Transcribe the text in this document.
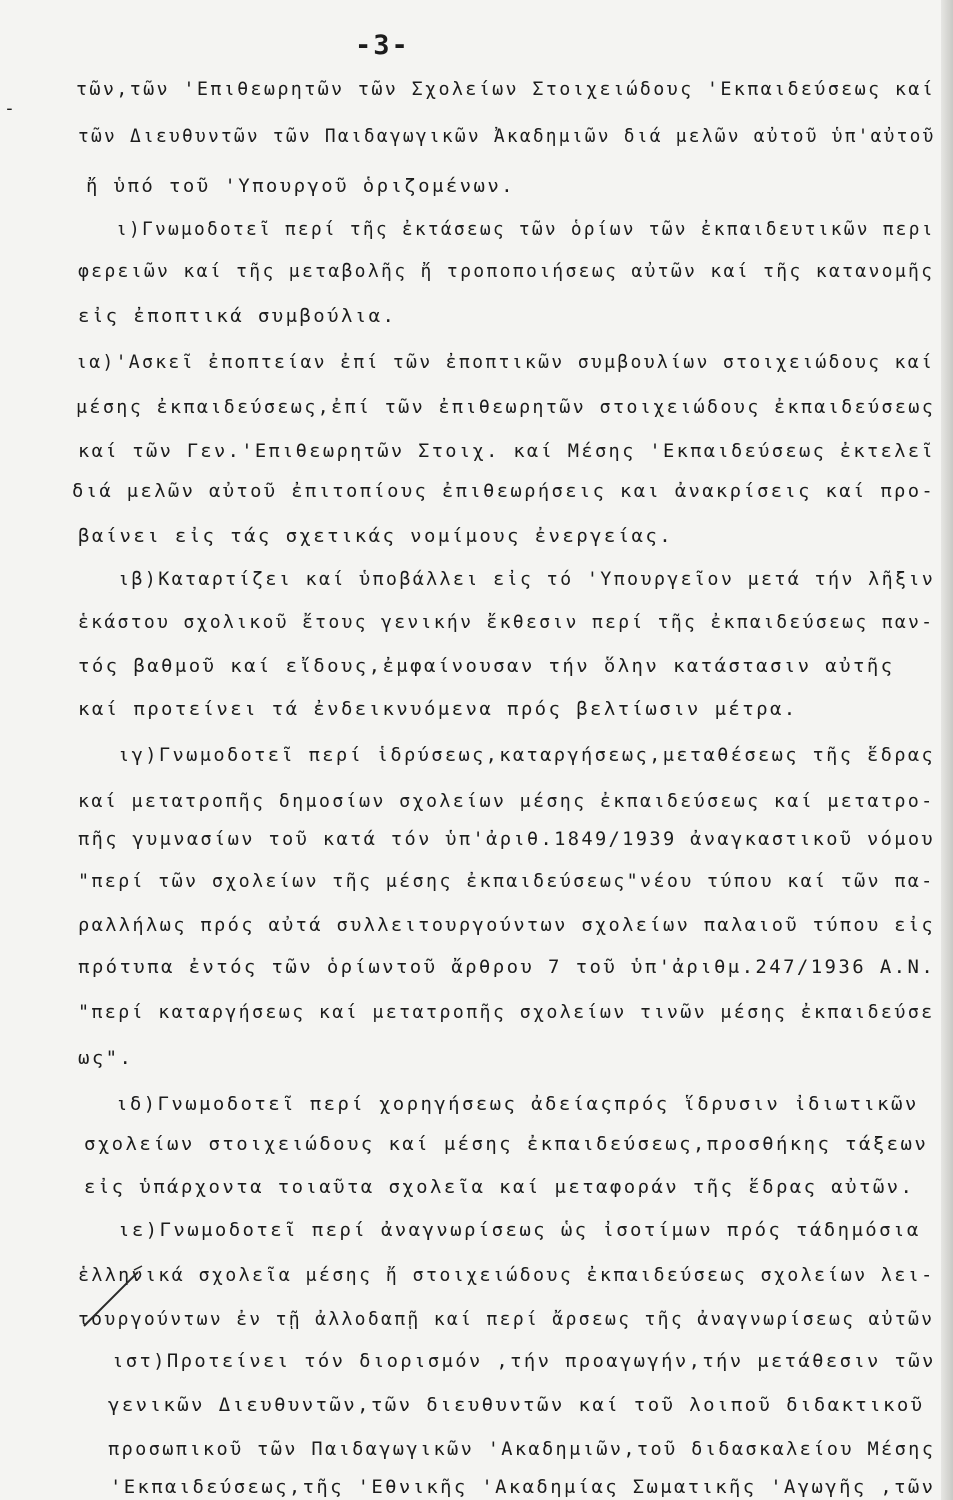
-3-
-
τῶν,τῶν 'Επιθεωρητῶν τῶν Σχολείων Στοιχειώδους 'Εκπαιδεύσεως καί
τῶν Διευθυντῶν τῶν Παιδαγωγικῶν Ἀκαδημιῶν διά μελῶν αὐτοῦ ὑπ'αὐτοῦ
ἤ ὑπό τοῦ 'Υπουργοῦ ὁριζομένων.
ι)Γνωμοδοτεῖ περί τῆς ἐκτάσεως τῶν ὁρίων τῶν ἐκπαιδευτικῶν περι
φερειῶν καί τῆς μεταβολῆς ἤ τροποποιήσεως αὐτῶν καί τῆς κατανομῆς
εἰς ἐποπτικά συμβούλια.
ια)'Ασκεῖ ἐποπτείαν ἐπί τῶν ἐποπτικῶν συμβουλίων στοιχειώδους καί
μέσης ἐκπαιδεύσεως,ἐπί τῶν ἐπιθεωρητῶν στοιχειώδους ἐκπαιδεύσεως
καί τῶν Γεν.'Επιθεωρητῶν Στοιχ. καί Μέσης 'Εκπαιδεύσεως ἐκτελεῖ
διά μελῶν αὐτοῦ ἐπιτοπίους ἐπιθεωρήσεις και ἀνακρίσεις καί προ-
βαίνει εἰς τάς σχετικάς νομίμους ἐνεργείας.
ιβ)Καταρτίζει καί ὑποβάλλει εἰς τό 'Υπουργεῖον μετά τήν λῆξιν
ἑκάστου σχολικοῦ ἔτους γενικήν ἔκθεσιν περί τῆς ἐκπαιδεύσεως παν-
τός βαθμοῦ καί εἴδους,ἐμφαίνουσαν τήν ὅλην κατάστασιν αὐτῆς
καί προτείνει τά ἐνδεικνυόμενα πρός βελτίωσιν μέτρα.
ιγ)Γνωμοδοτεῖ περί ἱδρύσεως,καταργήσεως,μεταθέσεως τῆς ἕδρας
καί μετατροπῆς δημοσίων σχολείων μέσης ἐκπαιδεύσεως καί μετατρο-
πῆς γυμνασίων τοῦ κατά τόν ὑπ'ἀριθ.1849/1939 ἀναγκαστικοῦ νόμου
"περί τῶν σχολείων τῆς μέσης ἐκπαιδεύσεως"νέου τύπου καί τῶν πα-
ραλλήλως πρός αὐτά συλλειτουργούντων σχολείων παλαιοῦ τύπου εἰς
πρότυπα ἐντός τῶν ὁρίωντοῦ ἄρθρου 7 τοῦ ὑπ'ἀριθμ.247/1936 Α.Ν.
"περί καταργήσεως καί μετατροπῆς σχολείων τινῶν μέσης ἐκπαιδεύσε
ως".
ιδ)Γνωμοδοτεῖ περί χορηγήσεως ἀδείαςπρός ἵδρυσιν ἰδιωτικῶν
σχολείων στοιχειώδους καί μέσης ἐκπαιδεύσεως,προσθήκης τάξεων
εἰς ὑπάρχοντα τοιαῦτα σχολεῖα καί μεταφοράν τῆς ἕδρας αὐτῶν.
ιε)Γνωμοδοτεῖ περί ἀναγνωρίσεως ὡς ἰσοτίμων πρός τάδημόσια
ἑλληνικά σχολεῖα μέσης ἤ στοιχειώδους ἐκπαιδεύσεως σχολείων λει-
τουργούντων ἐν τῇ ἀλλοδαπῇ καί περί ἄρσεως τῆς ἀναγνωρίσεως αὐτῶν
ιστ)Προτείνει τόν διορισμόν ,τήν προαγωγήν,τήν μετάθεσιν τῶν
γενικῶν Διευθυντῶν,τῶν διευθυντῶν καί τοῦ λοιποῦ διδακτικοῦ
προσωπικοῦ τῶν Παιδαγωγικῶν 'Ακαδημιῶν,τοῦ διδασκαλείου Μέσης
'Εκπαιδεύσεως,τῆς 'Εθνικῆς 'Ακαδημίας Σωματικῆς 'Αγωγῆς ,τῶν
